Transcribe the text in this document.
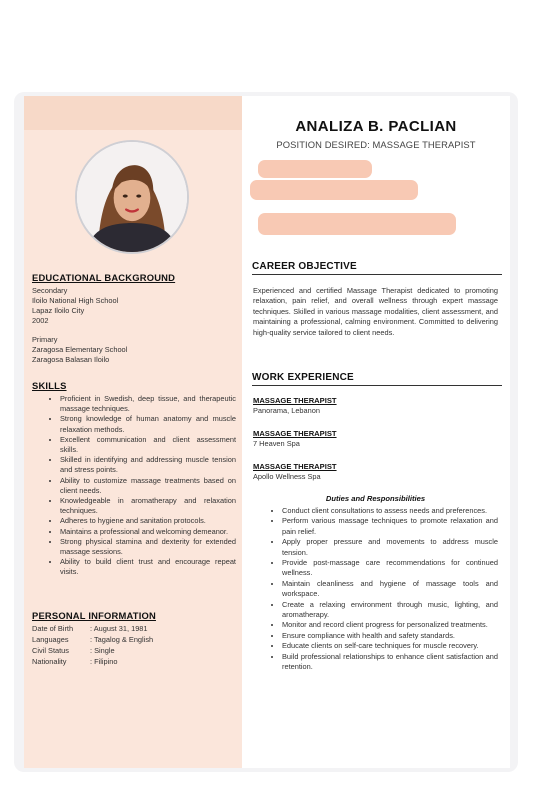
EDUCATIONAL BACKGROUND
Secondary
Iloilo National High School
Lapaz Iloilo City
2002
Primary
Zaragosa Elementary School
Zaragosa Balasan Iloilo
SKILLS
• Proficient in Swedish, deep tissue, and therapeutic massage techniques.
• Strong knowledge of human anatomy and muscle relaxation methods.
• Excellent communication and client assessment skills.
• Skilled in identifying and addressing muscle tension and stress points.
• Ability to customize massage treatments based on client needs.
• Knowledgeable in aromatherapy and relaxation techniques.
• Adheres to hygiene and sanitation protocols.
• Maintains a professional and welcoming demeanor.
• Strong physical stamina and dexterity for extended massage sessions.
• Ability to build client trust and encourage repeat visits.
PERSONAL INFORMATION
Date of Birth	: August 31, 1981
Languages	: Tagalog & English
Civil Status	: Single
Nationality	: Filipino
ANALIZA B. PACLIAN
POSITION DESIRED: MASSAGE THERAPIST
CAREER OBJECTIVE
Experienced and certified Massage Therapist dedicated to promoting relaxation, pain relief, and overall wellness through expert massage techniques. Skilled in various massage modalities, client assessment, and maintaining a professional, calming environment. Committed to delivering high-quality service tailored to client needs.
WORK EXPERIENCE
MASSAGE THERAPIST
Panorama, Lebanon
MASSAGE THERAPIST
7 Heaven Spa
MASSAGE THERAPIST
Apollo Wellness Spa
Duties and Responsibilities
• Conduct client consultations to assess needs and preferences.
• Perform various massage techniques to promote relaxation and pain relief.
• Apply proper pressure and movements to address muscle tension.
• Provide post-massage care recommendations for continued wellness.
• Maintain cleanliness and hygiene of massage tools and workspace.
• Create a relaxing environment through music, lighting, and aromatherapy.
• Monitor and record client progress for personalized treatments.
• Ensure compliance with health and safety standards.
• Educate clients on self-care techniques for muscle recovery.
• Build professional relationships to enhance client satisfaction and retention.
